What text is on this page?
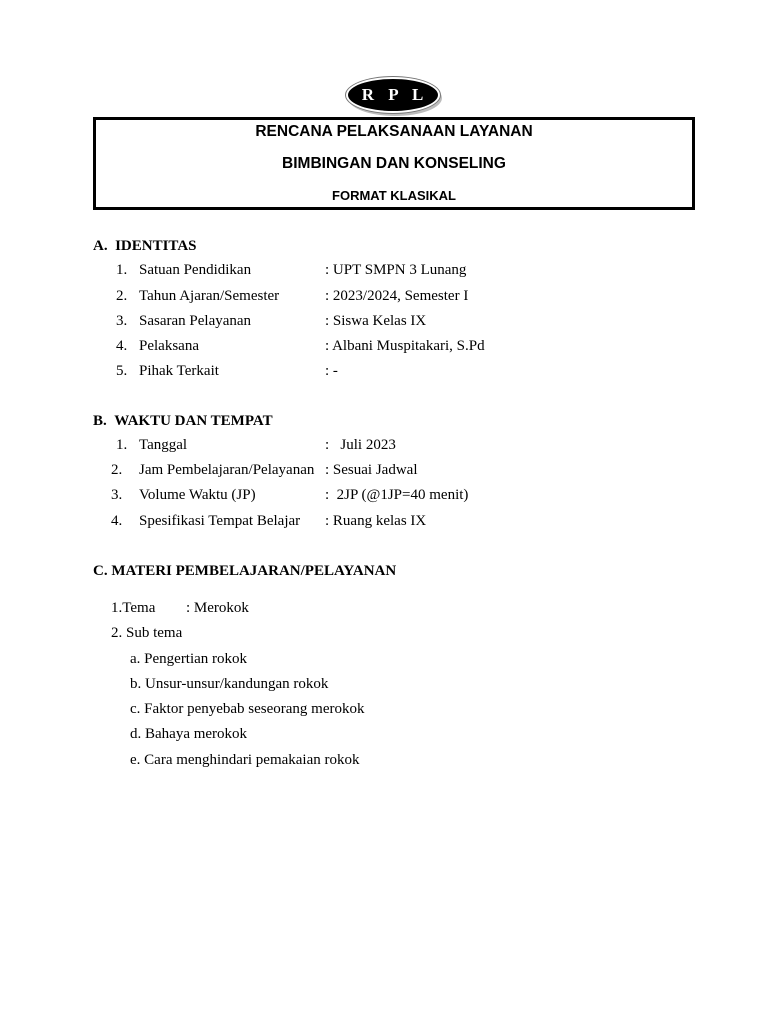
R P L
RENCANA PELAKSANAAN LAYANAN
BIMBINGAN DAN KONSELING
FORMAT KLASIKAL
A.  IDENTITAS
1. Satuan Pendidikan	: UPT SMPN 3 Lunang
2. Tahun Ajaran/Semester	: 2023/2024, Semester I
3. Sasaran Pelayanan	: Siswa Kelas IX
4. Pelaksana	: Albani Muspitakari, S.Pd
5. Pihak Terkait	: -
B.  WAKTU DAN TEMPAT
1. Tanggal	:   Juli 2023
2. Jam Pembelajaran/Pelayanan : Sesuai Jadwal
3. Volume Waktu (JP)	:  2JP (@1JP=40 menit)
4. Spesifikasi Tempat Belajar : Ruang kelas IX
C. MATERI PEMBELAJARAN/PELAYANAN
1.Tema : Merokok
2. Sub tema
a. Pengertian rokok
b. Unsur-unsur/kandungan rokok
c. Faktor penyebab seseorang merokok
d. Bahaya merokok
e. Cara menghindari pemakaian rokok
